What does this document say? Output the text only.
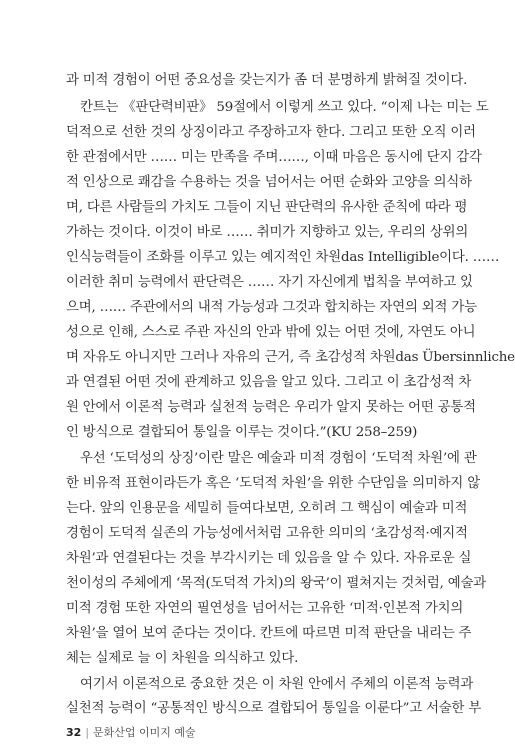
과 미적 경험이 어떤 중요성을 갖는지가 좀 더 분명하게 밝혀질 것이다.
칸트는 《판단력비판》 59절에서 이렇게 쓰고 있다. “이제 나는 미는 도
덕적으로 선한 것의 상징이라고 주장하고자 한다. 그리고 또한 오직 이러
한 관점에서만 …… 미는 만족을 주며……, 이때 마음은 동시에 단지 감각
적 인상으로 쾌감을 수용하는 것을 넘어서는 어떤 순화와 고양을 의식하
며, 다른 사람들의 가치도 그들이 지닌 판단력의 유사한 준칙에 따라 평
가하는 것이다. 이것이 바로 …… 취미가 지향하고 있는, 우리의 상위의
인식능력들이 조화를 이루고 있는 예지적인 차원das Intelligible이다. ……
이러한 취미 능력에서 판단력은 …… 자기 자신에게 법칙을 부여하고 있
으며, …… 주관에서의 내적 가능성과 그것과 합치하는 자연의 외적 가능
성으로 인해, 스스로 주관 자신의 안과 밖에 있는 어떤 것에, 자연도 아니
며 자유도 아니지만 그러나 자유의 근거, 즉 초감성적 차원das Übersinnliche
과 연결된 어떤 것에 관계하고 있음을 알고 있다. 그리고 이 초감성적 차
원 안에서 이론적 능력과 실천적 능력은 우리가 알지 못하는 어떤 공통적
인 방식으로 결합되어 통일을 이루는 것이다.”(KU 258–259)
우선 ‘도덕성의 상징’이란 말은 예술과 미적 경험이 ‘도덕적 차원’에 관
한 비유적 표현이라든가 혹은 ‘도덕적 차원’을 위한 수단임을 의미하지 않
는다. 앞의 인용문을 세밀히 들여다보면, 오히려 그 핵심이 예술과 미적
경험이 도덕적 실존의 가능성에서처럼 고유한 의미의 ‘초감성적·예지적
차원’과 연결된다는 것을 부각시키는 데 있음을 알 수 있다. 자유로운 실
천이성의 주체에게 ‘목적(도덕적 가치)의 왕국’이 펼쳐지는 것처럼, 예술과
미적 경험 또한 자연의 필연성을 넘어서는 고유한 ‘미적·인본적 가치의
차원’을 열어 보여 준다는 것이다. 칸트에 따르면 미적 판단을 내리는 주
체는 실제로 늘 이 차원을 의식하고 있다.
여기서 이론적으로 중요한 것은 이 차원 안에서 주체의 이론적 능력과
실천적 능력이 “공통적인 방식으로 결합되어 통일을 이룬다”고 서술한 부
32 | 문화산업 이미지 예술
